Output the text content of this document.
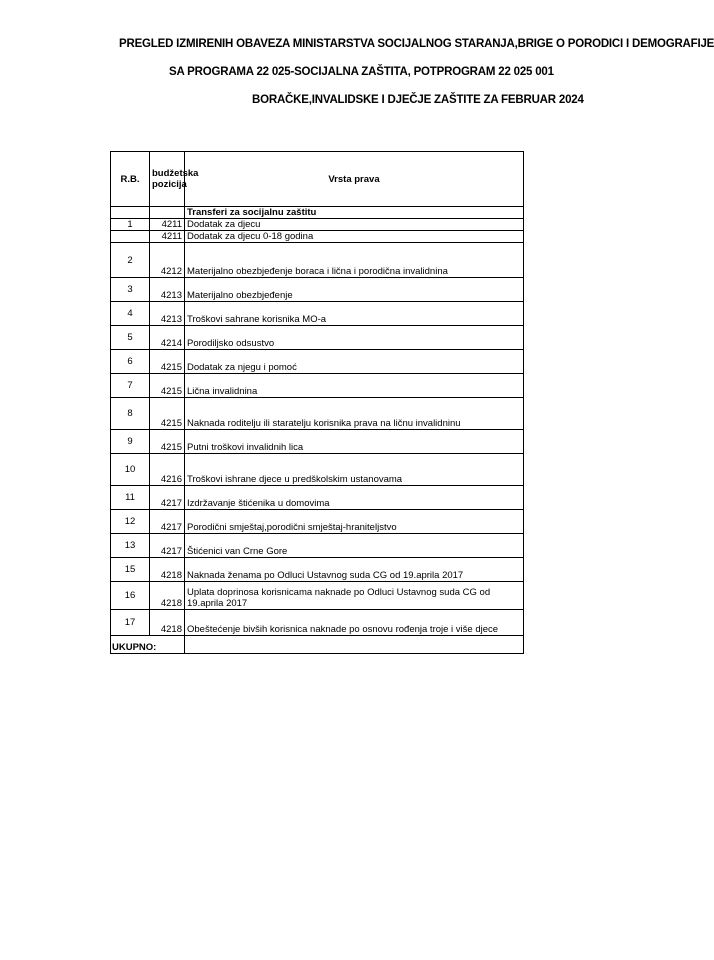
PREGLED IZMIRENIH OBAVEZA MINISTARSTVA SOCIJALNOG STARANJA,BRIGE O PORODICI I DEMOGRAFIJE
SA PROGRAMA 22 025-SOCIJALNA ZAŠTITA, POTPROGRAM 22 025 001
BORAČKE,INVALIDSKE I DJEČJE ZAŠTITE ZA FEBRUAR 2024
R.B.	budžetska pozicija	Vrsta prava
		Transferi za socijalnu zaštitu
1	4211	Dodatak za djecu
	4211	Dodatak za djecu 0-18 godina
2	4212	Materijalno obezbjeđenje boraca i lična i porodična invalidnina
3	4213	Materijalno obezbjeđenje
4	4213	Troškovi sahrane korisnika MO-a
5	4214	Porodiljsko odsustvo
6	4215	Dodatak za njegu i pomoć
7	4215	Lična invalidnina
8	4215	Naknada roditelju ili staratelju korisnika prava na ličnu invalidninu
9	4215	Putni troškovi invalidnih lica
10	4216	Troškovi ishrane djece u predškolskim ustanovama
11	4217	Izdržavanje štićenika u domovima
12	4217	Porodični smještaj,porodični smještaj-hraniteljstvo
13	4217	Štićenici van Crne Gore
15	4218	Naknada ženama po Odluci Ustavnog suda CG od 19.aprila 2017
16	4218	Uplata doprinosa korisnicama naknade po Odluci Ustavnog suda CG od 19.aprila 2017
17	4218	Obeštećenje bivših korisnica naknade po osnovu rođenja troje i više djece
UKUPNO:		
